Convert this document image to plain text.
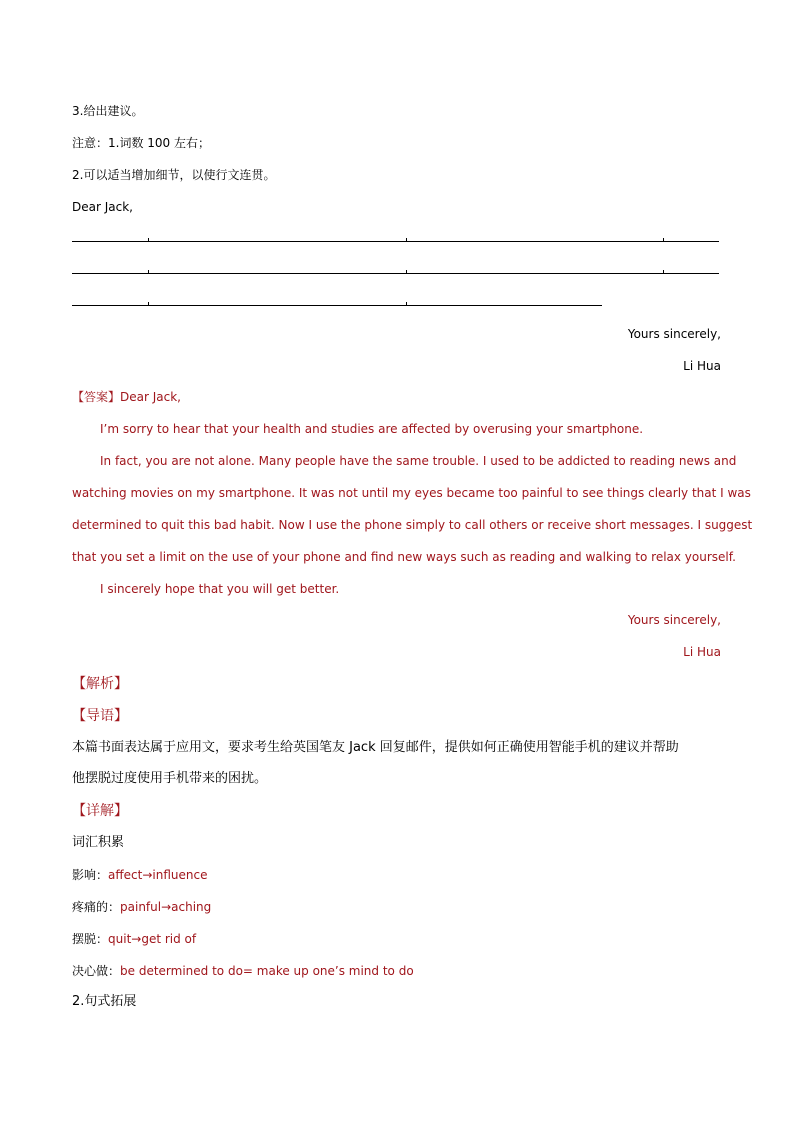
3.给出建议。
注意：1.词数 100 左右；
2.可以适当增加细节，以使行文连贯。
Dear Jack,
Yours sincerely,
Li Hua
【答案】Dear Jack,
I’m sorry to hear that your health and studies are affected by overusing your smartphone.
In fact, you are not alone. Many people have the same trouble. I used to be addicted to reading news and
watching movies on my smartphone. It was not until my eyes became too painful to see things clearly that I was
determined to quit this bad habit. Now I use the phone simply to call others or receive short messages. I suggest
that you set a limit on the use of your phone and find new ways such as reading and walking to relax yourself.
I sincerely hope that you will get better.
Yours sincerely,
Li Hua
【解析】
【导语】
本篇书面表达属于应用文，要求考生给英国笔友 Jack 回复邮件，提供如何正确使用智能手机的建议并帮助
他摆脱过度使用手机带来的困扰。
【详解】
词汇积累
影响：affect→influence
疼痛的：painful→aching
摆脱：quit→get rid of
决心做：be determined to do= make up one’s mind to do
2.句式拓展
